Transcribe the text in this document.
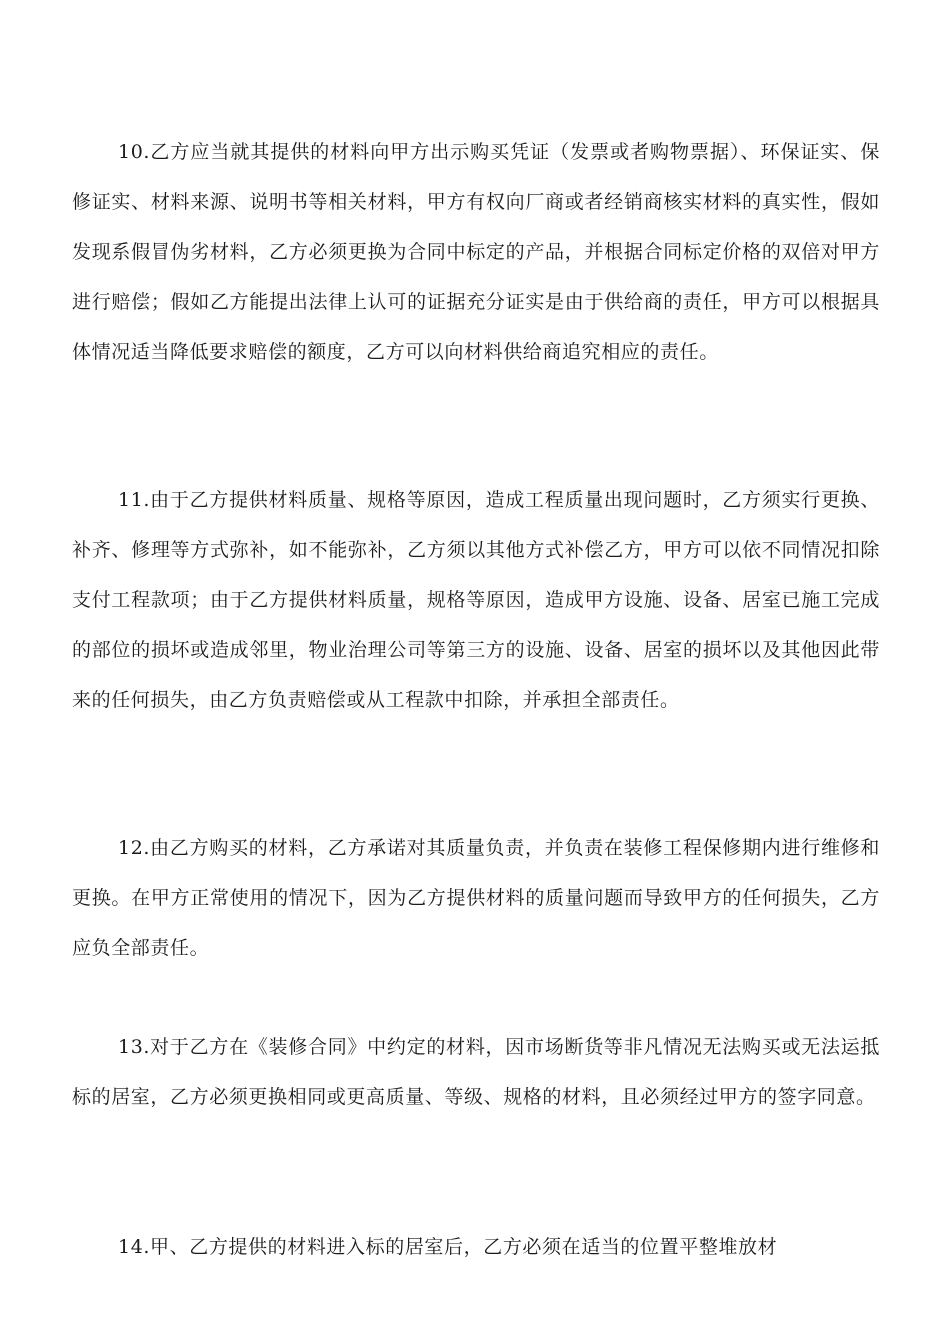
10.乙方应当就其提供的材料向甲方出示购买凭证（发票或者购物票据）、环保证实、保修证实、材料来源、说明书等相关材料，甲方有权向厂商或者经销商核实材料的真实性，假如发现系假冒伪劣材料，乙方必须更换为合同中标定的产品，并根据合同标定价格的双倍对甲方进行赔偿；假如乙方能提出法律上认可的证据充分证实是由于供给商的责任，甲方可以根据具体情况适当降低要求赔偿的额度，乙方可以向材料供给商追究相应的责任。

11.由于乙方提供材料质量、规格等原因，造成工程质量出现问题时，乙方须实行更换、补齐、修理等方式弥补，如不能弥补，乙方须以其他方式补偿乙方，甲方可以依不同情况扣除支付工程款项；由于乙方提供材料质量，规格等原因，造成甲方设施、设备、居室已施工完成的部位的损坏或造成邻里，物业治理公司等第三方的设施、设备、居室的损坏以及其他因此带来的任何损失，由乙方负责赔偿或从工程款中扣除，并承担全部责任。

12.由乙方购买的材料，乙方承诺对其质量负责，并负责在装修工程保修期内进行维修和更换。在甲方正常使用的情况下，因为乙方提供材料的质量问题而导致甲方的任何损失，乙方应负全部责任。

13.对于乙方在《装修合同》中约定的材料，因市场断货等非凡情况无法购买或无法运抵标的居室，乙方必须更换相同或更高质量、等级、规格的材料，且必须经过甲方的签字同意。

14.甲、乙方提供的材料进入标的居室后，乙方必须在适当的位置平整堆放材
